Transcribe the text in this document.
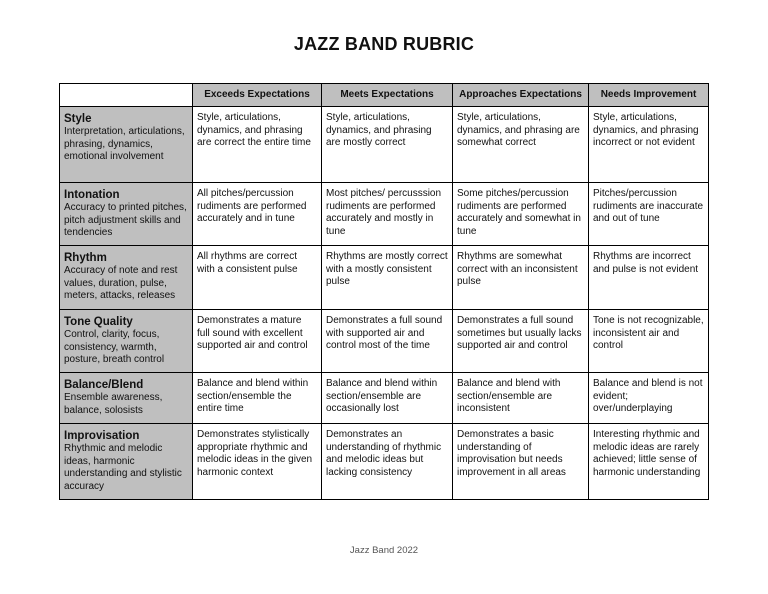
JAZZ BAND RUBRIC
	Exceeds Expectations	Meets Expectations	Approaches Expectations	Needs Improvement

Style
Interpretation, articulations, phrasing, dynamics, emotional involvement	Style, articulations, dynamics, and phrasing are correct the entire time	Style, articulations, dynamics, and phrasing are mostly correct	Style, articulations, dynamics, and phrasing are somewhat correct	Style, articulations, dynamics, and phrasing incorrect or not evident

Intonation
Accuracy to printed pitches, pitch adjustment skills and tendencies	All pitches/percussion rudiments are performed accurately and in tune	Most pitches/ percusssion rudiments are performed accurately and mostly in tune	Some pitches/percussion rudiments are performed accurately and somewhat in tune	Pitches/percussion rudiments are inaccurate and out of tune

Rhythm
Accuracy of note and rest values, duration, pulse, meters, attacks, releases	All rhythms are correct with a consistent pulse	Rhythms are mostly correct with a mostly consistent pulse	Rhythms are somewhat correct with an inconsistent pulse	Rhythms are incorrect and pulse is not evident

Tone Quality
Control, clarity, focus, consistency, warmth, posture, breath control	Demonstrates a mature full sound with excellent supported air and control	Demonstrates a full sound with supported air and control most of the time	Demonstrates a full sound sometimes but usually lacks supported air and control	Tone is not recognizable, inconsistent air and control

Balance/Blend
Ensemble awareness, balance, solosists	Balance and blend within section/ensemble the entire time	Balance and blend within section/ensemble are occasionally lost	Balance and blend with section/ensemble are inconsistent	Balance and blend is not evident; over/underplaying

Improvisation
Rhythmic and melodic ideas, harmonic understanding and stylistic accuracy	Demonstrates stylistically appropriate rhythmic and melodic ideas in the given harmonic context	Demonstrates an understanding of rhythmic and melodic ideas but lacking consistency	Demonstrates a basic understanding of improvisation but needs improvement in all areas	Interesting rhythmic and melodic ideas are rarely achieved; little sense of harmonic understanding
Jazz Band 2022
